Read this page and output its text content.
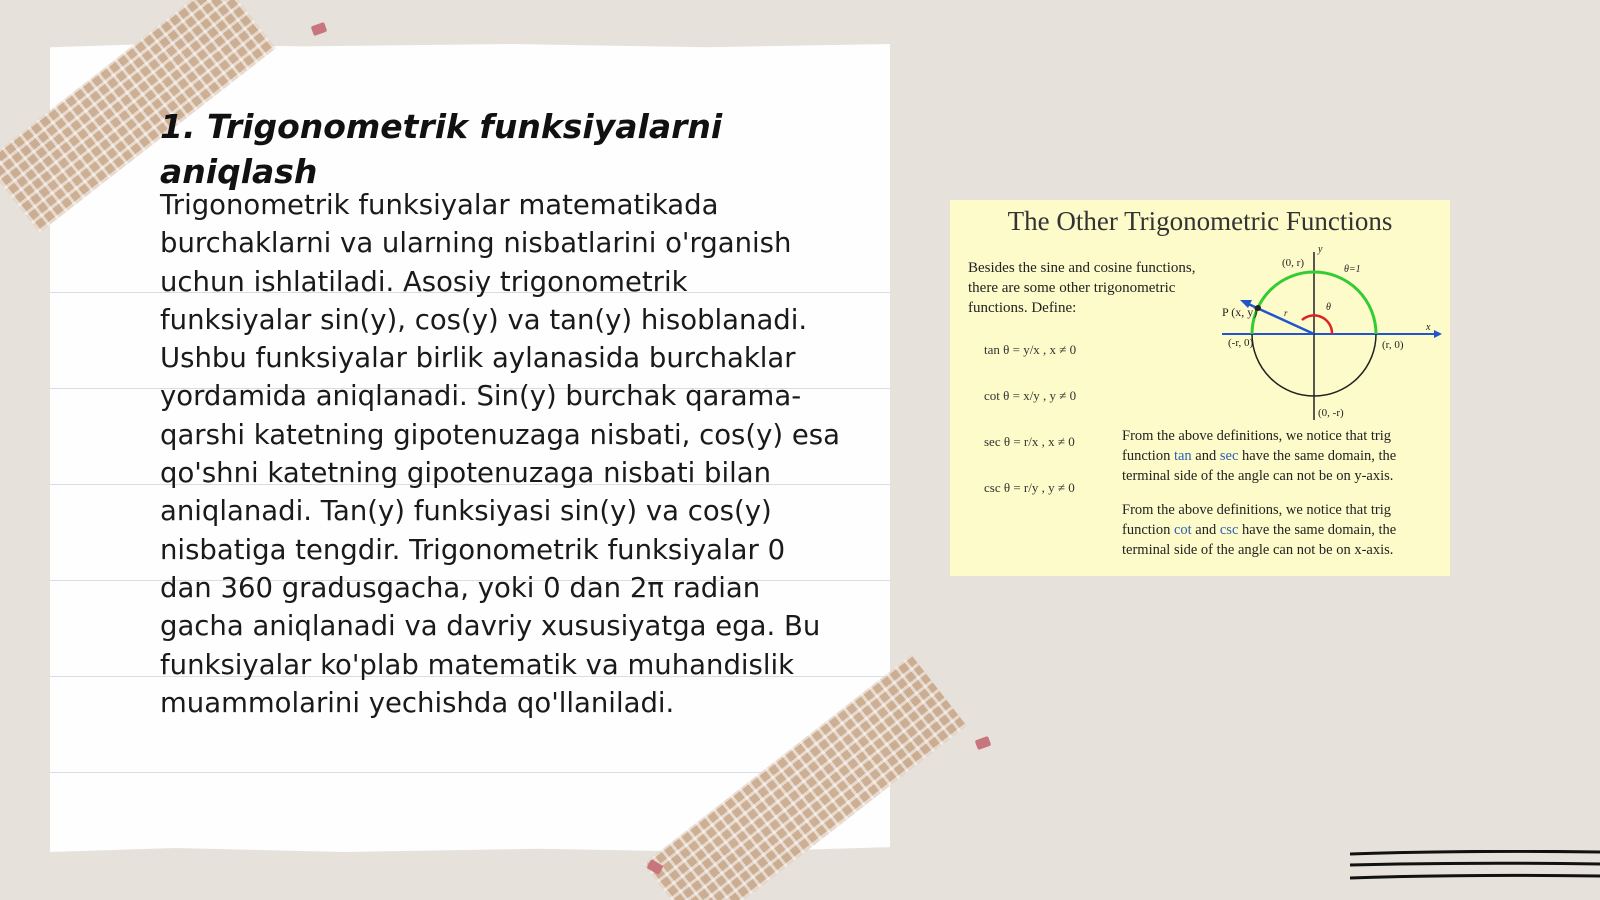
1. Trigonometrik funksiyalarni aniqlash

Trigonometrik funksiyalar matematikada burchaklarni va ularning nisbatlarini o'rganish uchun ishlatiladi. Asosiy trigonometrik funksiyalar sin(y), cos(y) va tan(y) hisoblanadi. Ushbu funksiyalar birlik aylanasida burchaklar yordamida aniqlanadi. Sin(y) burchak qarama-qarshi katetning gipotenuzaga nisbati, cos(y) esa qo'shni katetning gipotenuzaga nisbati bilan aniqlanadi. Tan(y) funksiyasi sin(y) va cos(y) nisbatiga tengdir. Trigonometrik funksiyalar 0 dan 360 gradusgacha, yoki 0 dan 2π radian gacha aniqlanadi va davriy xususiyatga ega. Bu funksiyalar ko'plab matematik va muhandislik muammolarini yechishda qo'llaniladi.

The Other Trigonometric Functions
Besides the sine and cosine functions, there are some other trigonometric functions. Define:
tan θ = y/x , x ≠ 0
cot θ = x/y , y ≠ 0
sec θ = r/x , x ≠ 0
csc θ = r/y , y ≠ 0
(0, r)
θ=1
y
P (x, y)	r	θ
(-r, 0)	(r, 0)
x
(0, -r)
From the above definitions, we notice that trig function tan and sec have the same domain, the terminal side of the angle can not be on y-axis.
From the above definitions, we notice that trig function cot and csc have the same domain, the terminal side of the angle can not be on x-axis.
